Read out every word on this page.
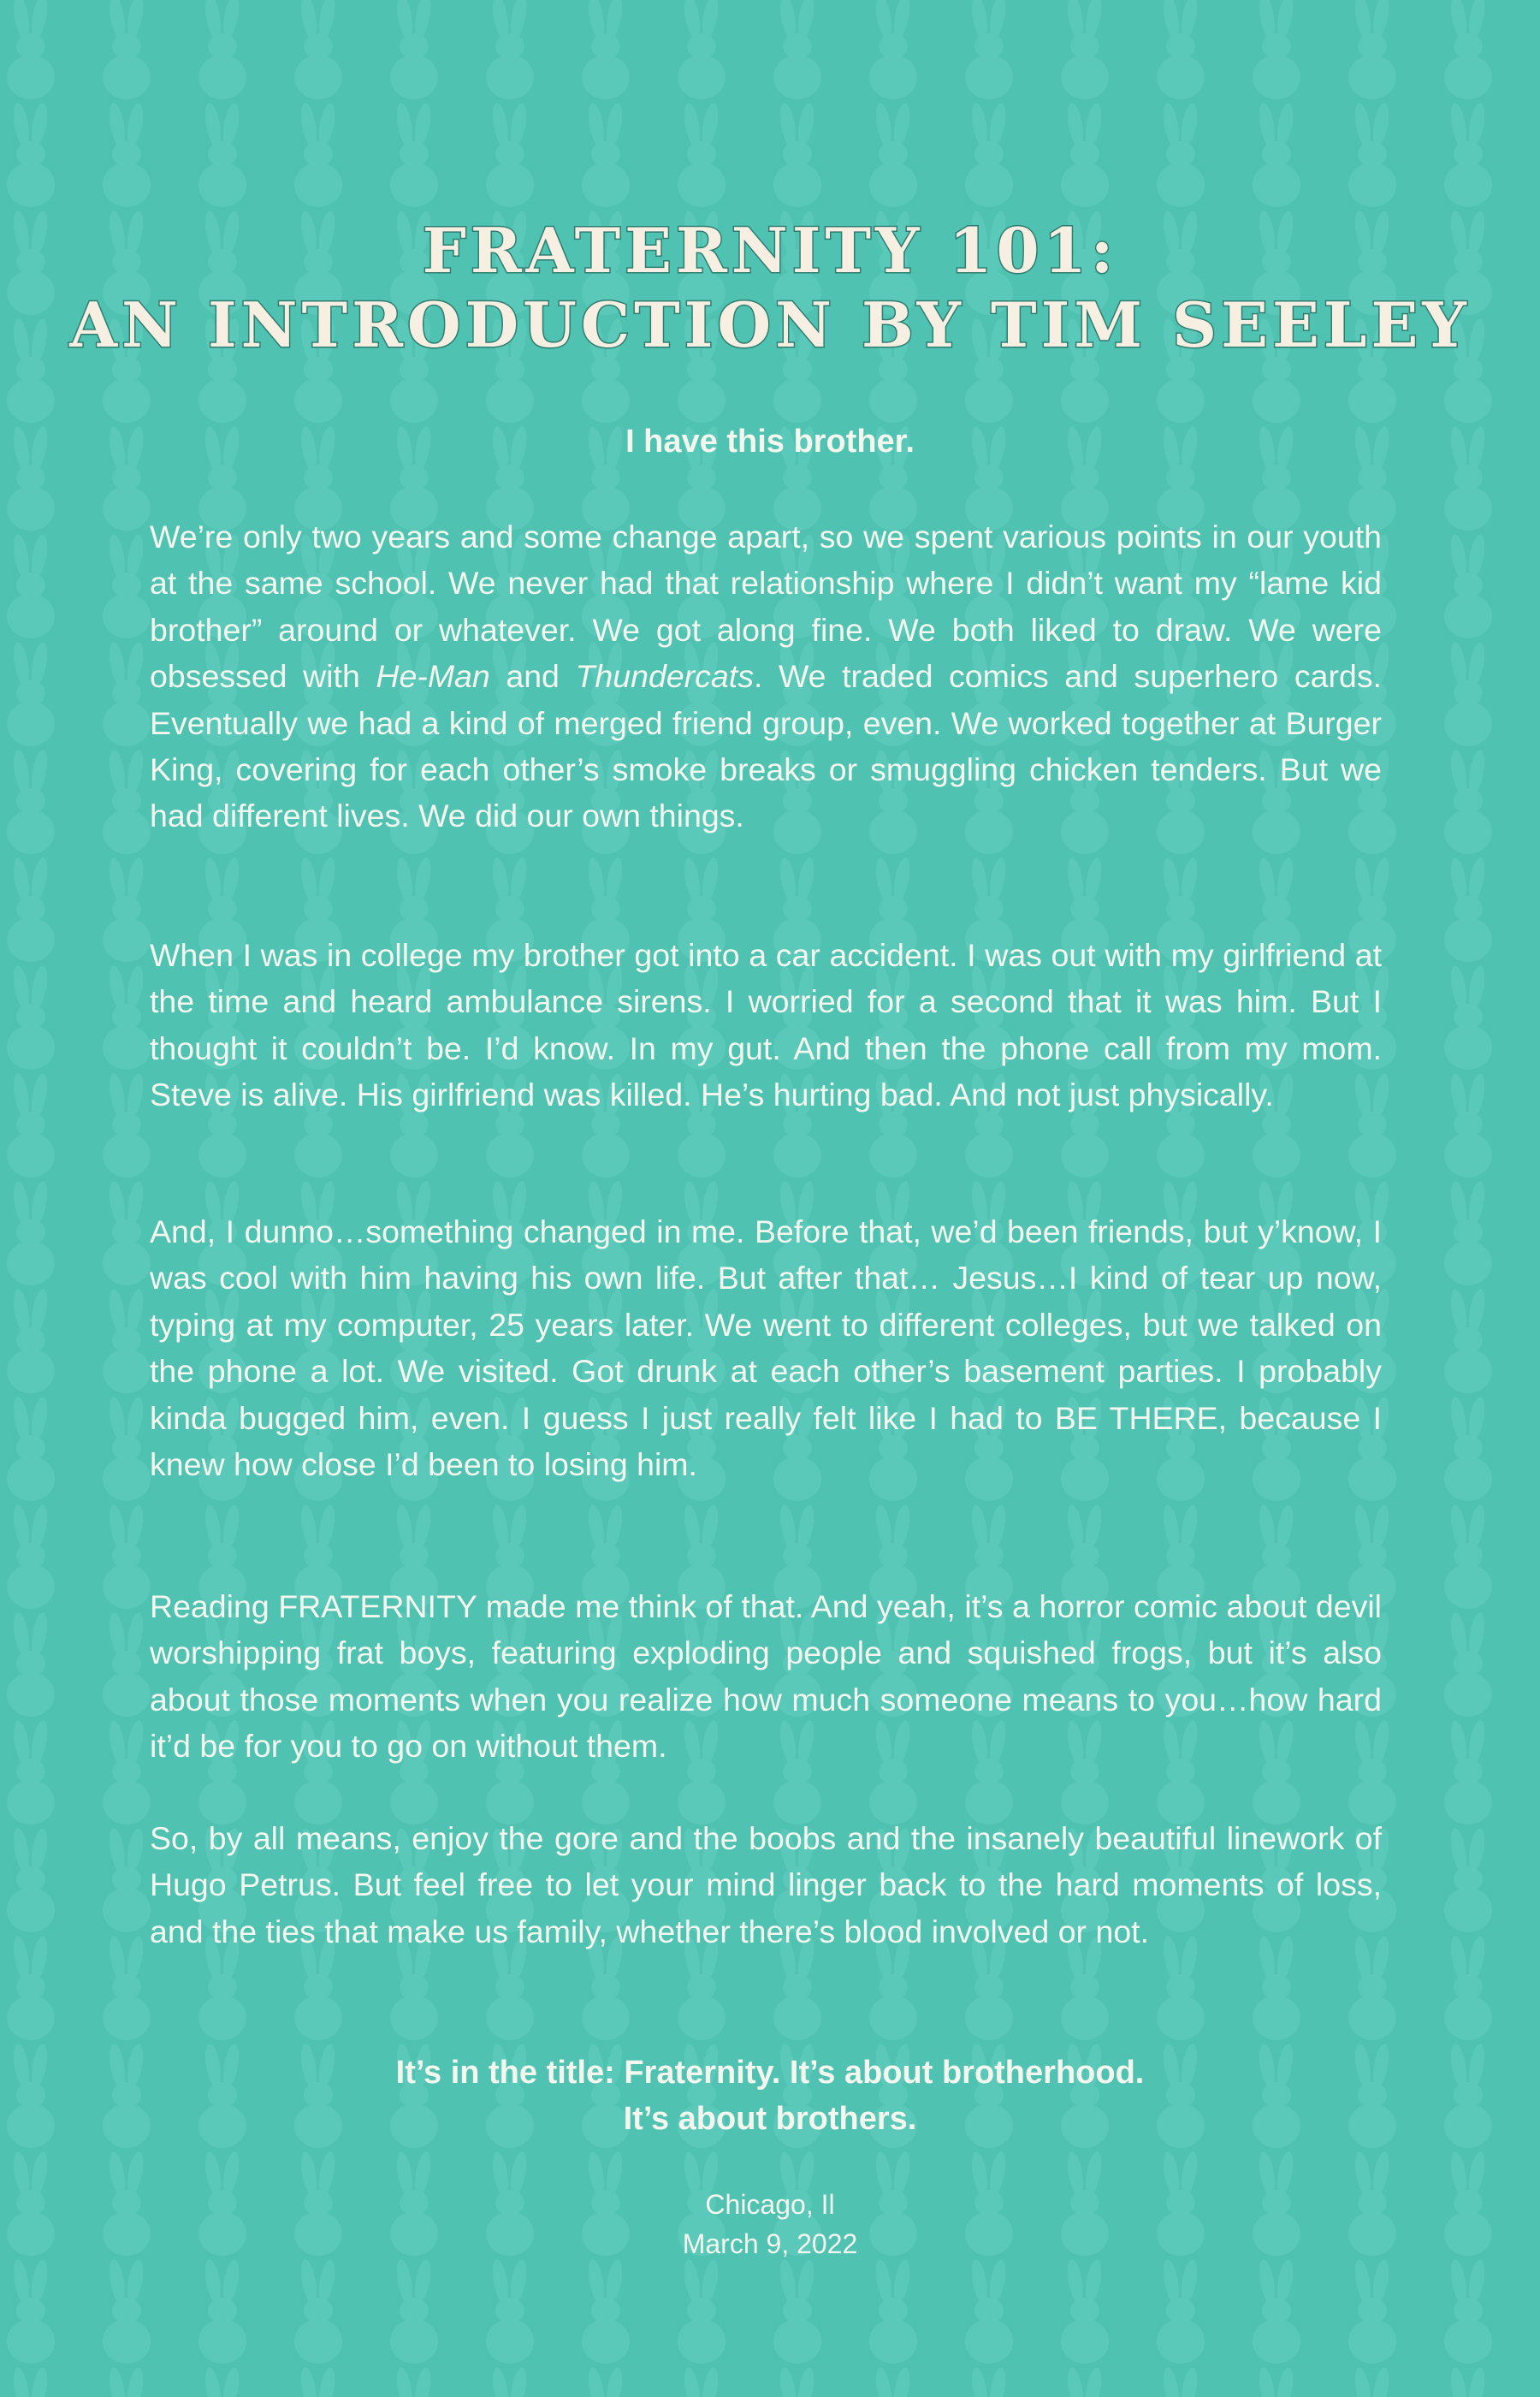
FRATERNITY 101:
AN INTRODUCTION BY TIM SEELEY
I have this brother.
We’re only two years and some change apart, so we spent various points in our youth at the same school. We never had that relationship where I didn’t want my “lame kid brother” around or whatever. We got along fine. We both liked to draw. We were obsessed with He-Man and Thundercats. We traded comics and superhero cards. Eventually we had a kind of merged friend group, even. We worked together at Burger King, covering for each other’s smoke breaks or smuggling chicken tenders. But we had different lives. We did our own things.
When I was in college my brother got into a car accident. I was out with my girlfriend at the time and heard ambulance sirens. I worried for a second that it was him. But I thought it couldn’t be. I’d know. In my gut. And then the phone call from my mom. Steve is alive. His girlfriend was killed. He’s hurting bad. And not just physically.
And, I dunno…something changed in me. Before that, we’d been friends, but y’know, I was cool with him having his own life. But after that… Jesus…I kind of tear up now, typing at my computer, 25 years later. We went to different colleges, but we talked on the phone a lot. We visited. Got drunk at each other’s basement parties. I probably kinda bugged him, even. I guess I just really felt like I had to BE THERE, because I knew how close I’d been to losing him.
Reading FRATERNITY made me think of that. And yeah, it’s a horror comic about devil worshipping frat boys, featuring exploding people and squished frogs, but it’s also about those moments when you realize how much someone means to you…how hard it’d be for you to go on without them.
So, by all means, enjoy the gore and the boobs and the insanely beautiful linework of Hugo Petrus. But feel free to let your mind linger back to the hard moments of loss, and the ties that make us family, whether there’s blood involved or not.
It’s in the title: Fraternity. It’s about brotherhood.
It’s about brothers.
Chicago, Il
March 9, 2022
